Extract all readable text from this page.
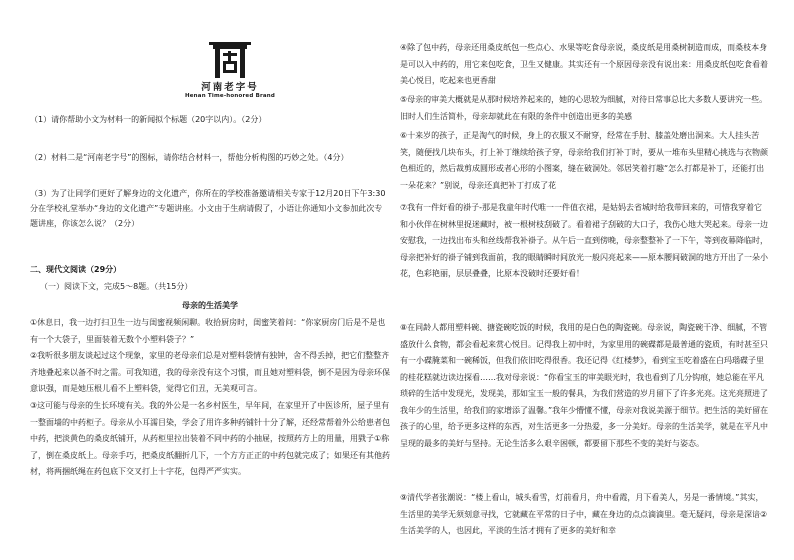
河南老字号
Henan Time-honored Brand

（1）请你帮助小文为材料一的新闻拟个标题（20字以内）。（2分）

（2）材料二是“河南老字号”的图标，请你结合材料一，帮他分析构图的巧妙之处。（4分）

（3）为了让同学们更好了解身边的文化遗产，你所在的学校准备邀请相关专家于12月20日下午3:30分在学校礼堂举办“身边的文化遗产”专题讲座。小文由于生病请假了，小语让你通知小文参加此次专题讲座，你该怎么说？（2分）

二、现代文阅读（29分）

（一）阅读下文，完成5～8题。（共15分）

母亲的生活美学

①休息日，我一边打扫卫生一边与闺蜜视频闲聊。收拾厨房时，闺蜜笑着问：“你家厨房门后是不是也有一个大袋子，里面装着无数个小塑料袋子？”

②我听很多朋友谈起过这个现象，家里的老母亲们总是对塑料袋情有独钟，舍不得丢掉，把它们整整齐齐地叠起来以备不时之需。可我知道，我的母亲没有这个习惯，而且她对塑料袋，倒不是因为母亲环保意识强，而是她压根儿看不上塑料袋，觉得它们丑，无美观可言。

③这可能与母亲的生长环境有关。我的外公是一名乡村医生，早年间，在家里开了中医诊所，屋子里有一整面墙的中药柜子。母亲从小耳濡目染，学会了用许多种药铺针十分了解，还经常帮着外公给患者包中药，把淡黄色的桑皮纸铺开，从药柜里拉出装着不同中药的小抽屉，按照药方上的用量，用戥子①称了，倒在桑皮纸上。母亲手巧，把桑皮纸翻折几下，一个方方正正的中药包就完成了；如果还有其他药材，将两捆纸绳在药包底下交叉打上十字花，包得严严实实。

④除了包中药，母亲还用桑皮纸包一些点心、水果等吃食母亲说，桑皮纸是用桑树制造而成，而桑枝本身是可以入中药的，用它来包吃食，卫生又健康。其实还有一个原因母亲没有说出来：用桑皮纸包吃食看着美心悦目，吃起来也更香甜

⑤母亲的审美大概就是从那时候培养起来的，她的心思较为细腻，对待日常事总比大多数人要讲究一些。旧时人们生活简朴，母亲却就此在有限的条件中创造出更多的美感

⑥十来岁的孩子，正是淘气的时候，身上的衣服又不耐穿，经常在手肘、膝盖处磨出洞来。大人挂头苦笑，随便找几块布头，打上补丁继续给孩子穿，母亲给我们打补丁时，要从一堆布头里精心挑选与衣物颜色相近的，然后裁剪成圆形或者心形的小图案，缝在破洞处。邻居笑着打趣“怎么打都是补丁，还能打出一朵花来？”别说，母亲还真把补丁打成了花

⑦我有一件好看的褂子-那是我童年时代唯一一件值衣裙，是姑妈去省城时给我带回来的，可惜我穿着它和小伙伴在树林里捉迷藏时，被一根树枝刮破了。看着裙子刮破的大口子，我伤心地大哭起来。母亲一边安慰我，一边找出布头和丝线帮我补褂子。从午后一直到傍晚，母亲整整补了一下午，等到夜幕降临时，母亲把补好的褂子铺到我面前，我的眼睛瞬时间放光一般闪亮起来——原本腰间破洞的地方开出了一朵小花，色彩艳丽，层层叠叠，比原本没破时还要好看！

⑧在同龄人都用塑料碗、搪瓷碗吃饭的时候，我用的是白色的陶瓷碗。母亲说，陶瓷碗干净、细腻，不管盛放什么食物，都会看起来赏心悦目。记得我上初中时，为家里用的碗碟都是最普通的瓷质，有时甚至只有一小碟腌菜和一碗稀饭，但我们依旧吃得很香。我还记得《红楼梦》，看到宝玉吃着盛在白玛瑙碟子里的桂花糕就边读边探看……我对母亲说：“你看宝玉的审美眼光时，我也看到了几分钩痕，她总能在平凡琐碎的生活中发现光，发现美，那如宝玉一般的餐具，为我们营造的岁月留下了许多光亮。这光亮照进了我年少的生活里，给我们的家增添了温馨。”我年少懵懂不懂，母亲对我说美源于细节。把生活的美好留在孩子的心里，给予更多这样的东西，对生活更多一分热爱，多一分美好。母亲的生活美学，就是在平凡中呈现的最多的美好与坚持。无论生活多么艰辛困顿，都要留下那些不变的美好与姿态。

⑨清代学者张潮说：“楼上看山，城头看雪，灯前看月，舟中看霞，月下看美人，另是一番情境。”其实，生活里的美学无须刻意寻找，它就藏在平常的日子中，藏在身边的点点滴滴里。毫无疑问，母亲是深谙②生活美学的人，也因此，平淡的生活才拥有了更多的美好和幸
